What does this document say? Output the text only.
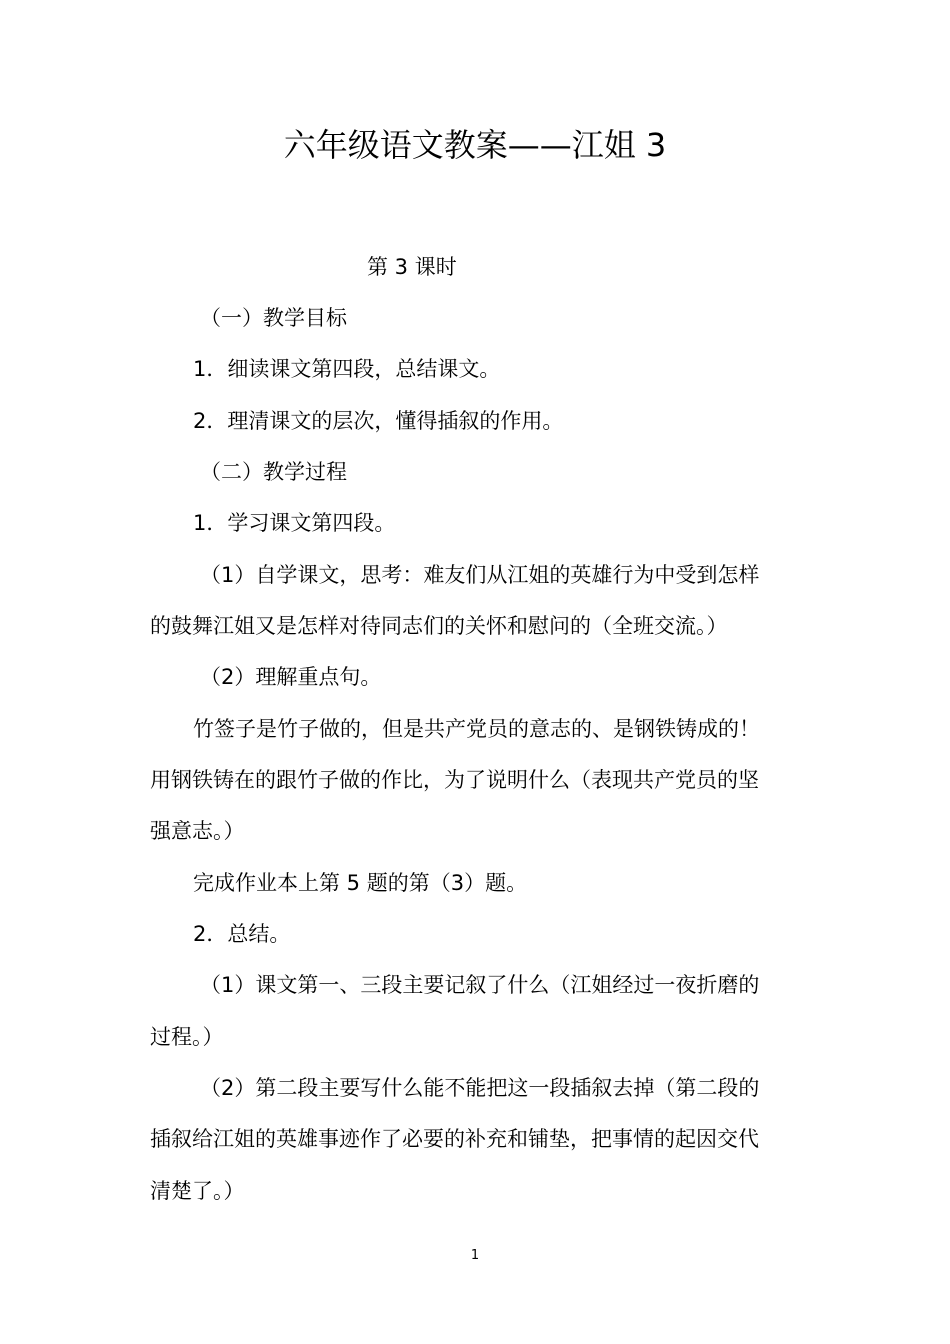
六年级语文教案——江姐 3
第 3 课时
（一）教学目标
1．细读课文第四段，总结课文。
2．理清课文的层次，懂得插叙的作用。
（二）教学过程
1．学习课文第四段。
（1）自学课文，思考：难友们从江姐的英雄行为中受到怎样
的鼓舞江姐又是怎样对待同志们的关怀和慰问的（全班交流。）
（2）理解重点句。
竹签子是竹子做的，但是共产党员的意志的、是钢铁铸成的！
用钢铁铸在的跟竹子做的作比，为了说明什么（表现共产党员的坚
强意志。）
完成作业本上第 5 题的第（3）题。
2．总结。
（1）课文第一、三段主要记叙了什么（江姐经过一夜折磨的
过程。）
（2）第二段主要写什么能不能把这一段插叙去掉（第二段的
插叙给江姐的英雄事迹作了必要的补充和铺垫，把事情的起因交代
清楚了。）
1
